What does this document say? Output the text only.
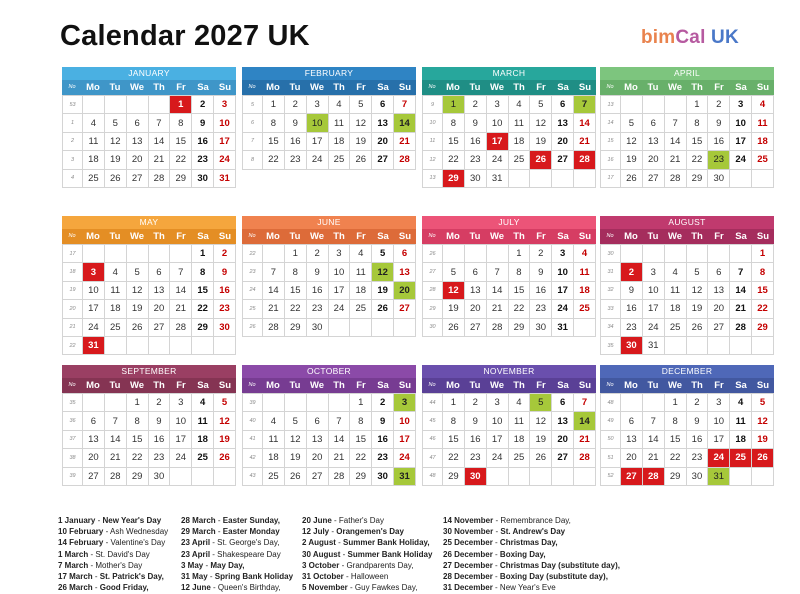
Calendar 2027 UK	bimCal UK
JANUARY
No	Mo	Tu	We Th	Fr	Sa	Su
53					1	2	3
1	4	5	6	7	8	9	10
2	11	12	13	14	15	16	17
3	18	19	20	21	22	23	24
4	25	26	27	28	29	30	31
FEBRUARY
No	Mo	Tu	We Th	Fr	Sa	Su
5	1	2	3	4	5	6	7
6	8	9	10	11	12	13	14
7	15	16	17	18	19	20	21
8	22	23	24	25	26	27	28
MARCH
No	Mo	Tu	We Th	Fr	Sa	Su
9	1	2	3	4	5	6	7
10	8	9	10	11	12	13	14
11	15	16	17	18	19	20	21
12	22	23	24	25	26	27	28
13	29	30	31				
APRIL
No	Mo	Tu	We Th	Fr	Sa	Su
13				1	2	3	4
14	5	6	7	8	9	10	11
15	12	13	14	15	16	17	18
16	19	20	21	22	23	24	25
17	26	27	28	29	30		
MAY
No	Mo	Tu	We Th	Fr	Sa	Su
17						1	2
18	3	4	5	6	7	8	9
19	10	11	12	13	14	15	16
20	17	18	19	20	21	22	23
21	24	25	26	27	28	29	30
22	31						
JUNE
No	Mo	Tu	We Th	Fr	Sa	Su
22		1	2	3	4	5	6
23	7	8	9	10	11	12	13
24	14	15	16	17	18	19	20
25	21	22	23	24	25	26	27
26	28	29	30				
JULY
No	Mo	Tu	We Th	Fr	Sa	Su
26				1	2	3	4
27	5	6	7	8	9	10	11
28	12	13	14	15	16	17	18
29	19	20	21	22	23	24	25
30	26	27	28	29	30	31	
AUGUST
No	Mo	Tu	We Th	Fr	Sa	Su
30							1
31	2	3	4	5	6	7	8
32	9	10	11	12	13	14	15
33	16	17	18	19	20	21	22
34	23	24	25	26	27	28	29
35	30	31					
SEPTEMBER
No	Mo	Tu	We Th	Fr	Sa	Su
35			1	2	3	4	5
36	6	7	8	9	10	11	12
37	13	14	15	16	17	18	19
38	20	21	22	23	24	25	26
39	27	28	29	30			
OCTOBER
No	Mo	Tu	We Th	Fr	Sa	Su
39					1	2	3
40	4	5	6	7	8	9	10
41	11	12	13	14	15	16	17
42	18	19	20	21	22	23	24
43	25	26	27	28	29	30	31
NOVEMBER
No	Mo	Tu	We Th	Fr	Sa	Su
44	1	2	3	4	5	6	7
45	8	9	10	11	12	13	14
46	15	16	17	18	19	20	21
47	22	23	24	25	26	27	28
48	29	30					
DECEMBER
No	Mo	Tu	We Th	Fr	Sa	Su
48			1	2	3	4	5
49	6	7	8	9	10	11	12
50	13	14	15	16	17	18	19
51	20	21	22	23	24	25	26
52	27	28	29	30	31		
1 January - New Year's Day
10 February - Ash Wednesday
14 February - Valentine's Day
1 March - St. David's Day
7 March - Mother's Day
17 March - St. Patrick's Day,
26 March - Good Friday,
28 March - Easter Sunday,
29 March - Easter Monday
23 April - St. George's Day,
23 April - Shakespeare Day
3 May - May Day,
31 May - Spring Bank Holiday
12 June - Queen's Birthday,
20 June - Father's Day
12 July - Orangemen's Day
2 August - Summer Bank Holiday,
30 August - Summer Bank Holiday
3 October - Grandparents Day,
31 October - Halloween
5 November - Guy Fawkes Day,
14 November - Remembrance Day,
30 November - St. Andrew's Day
25 December - Christmas Day,
26 December - Boxing Day,
27 December - Christmas Day (substitute day),
28 December - Boxing Day (substitute day),
31 December - New Year's Eve
